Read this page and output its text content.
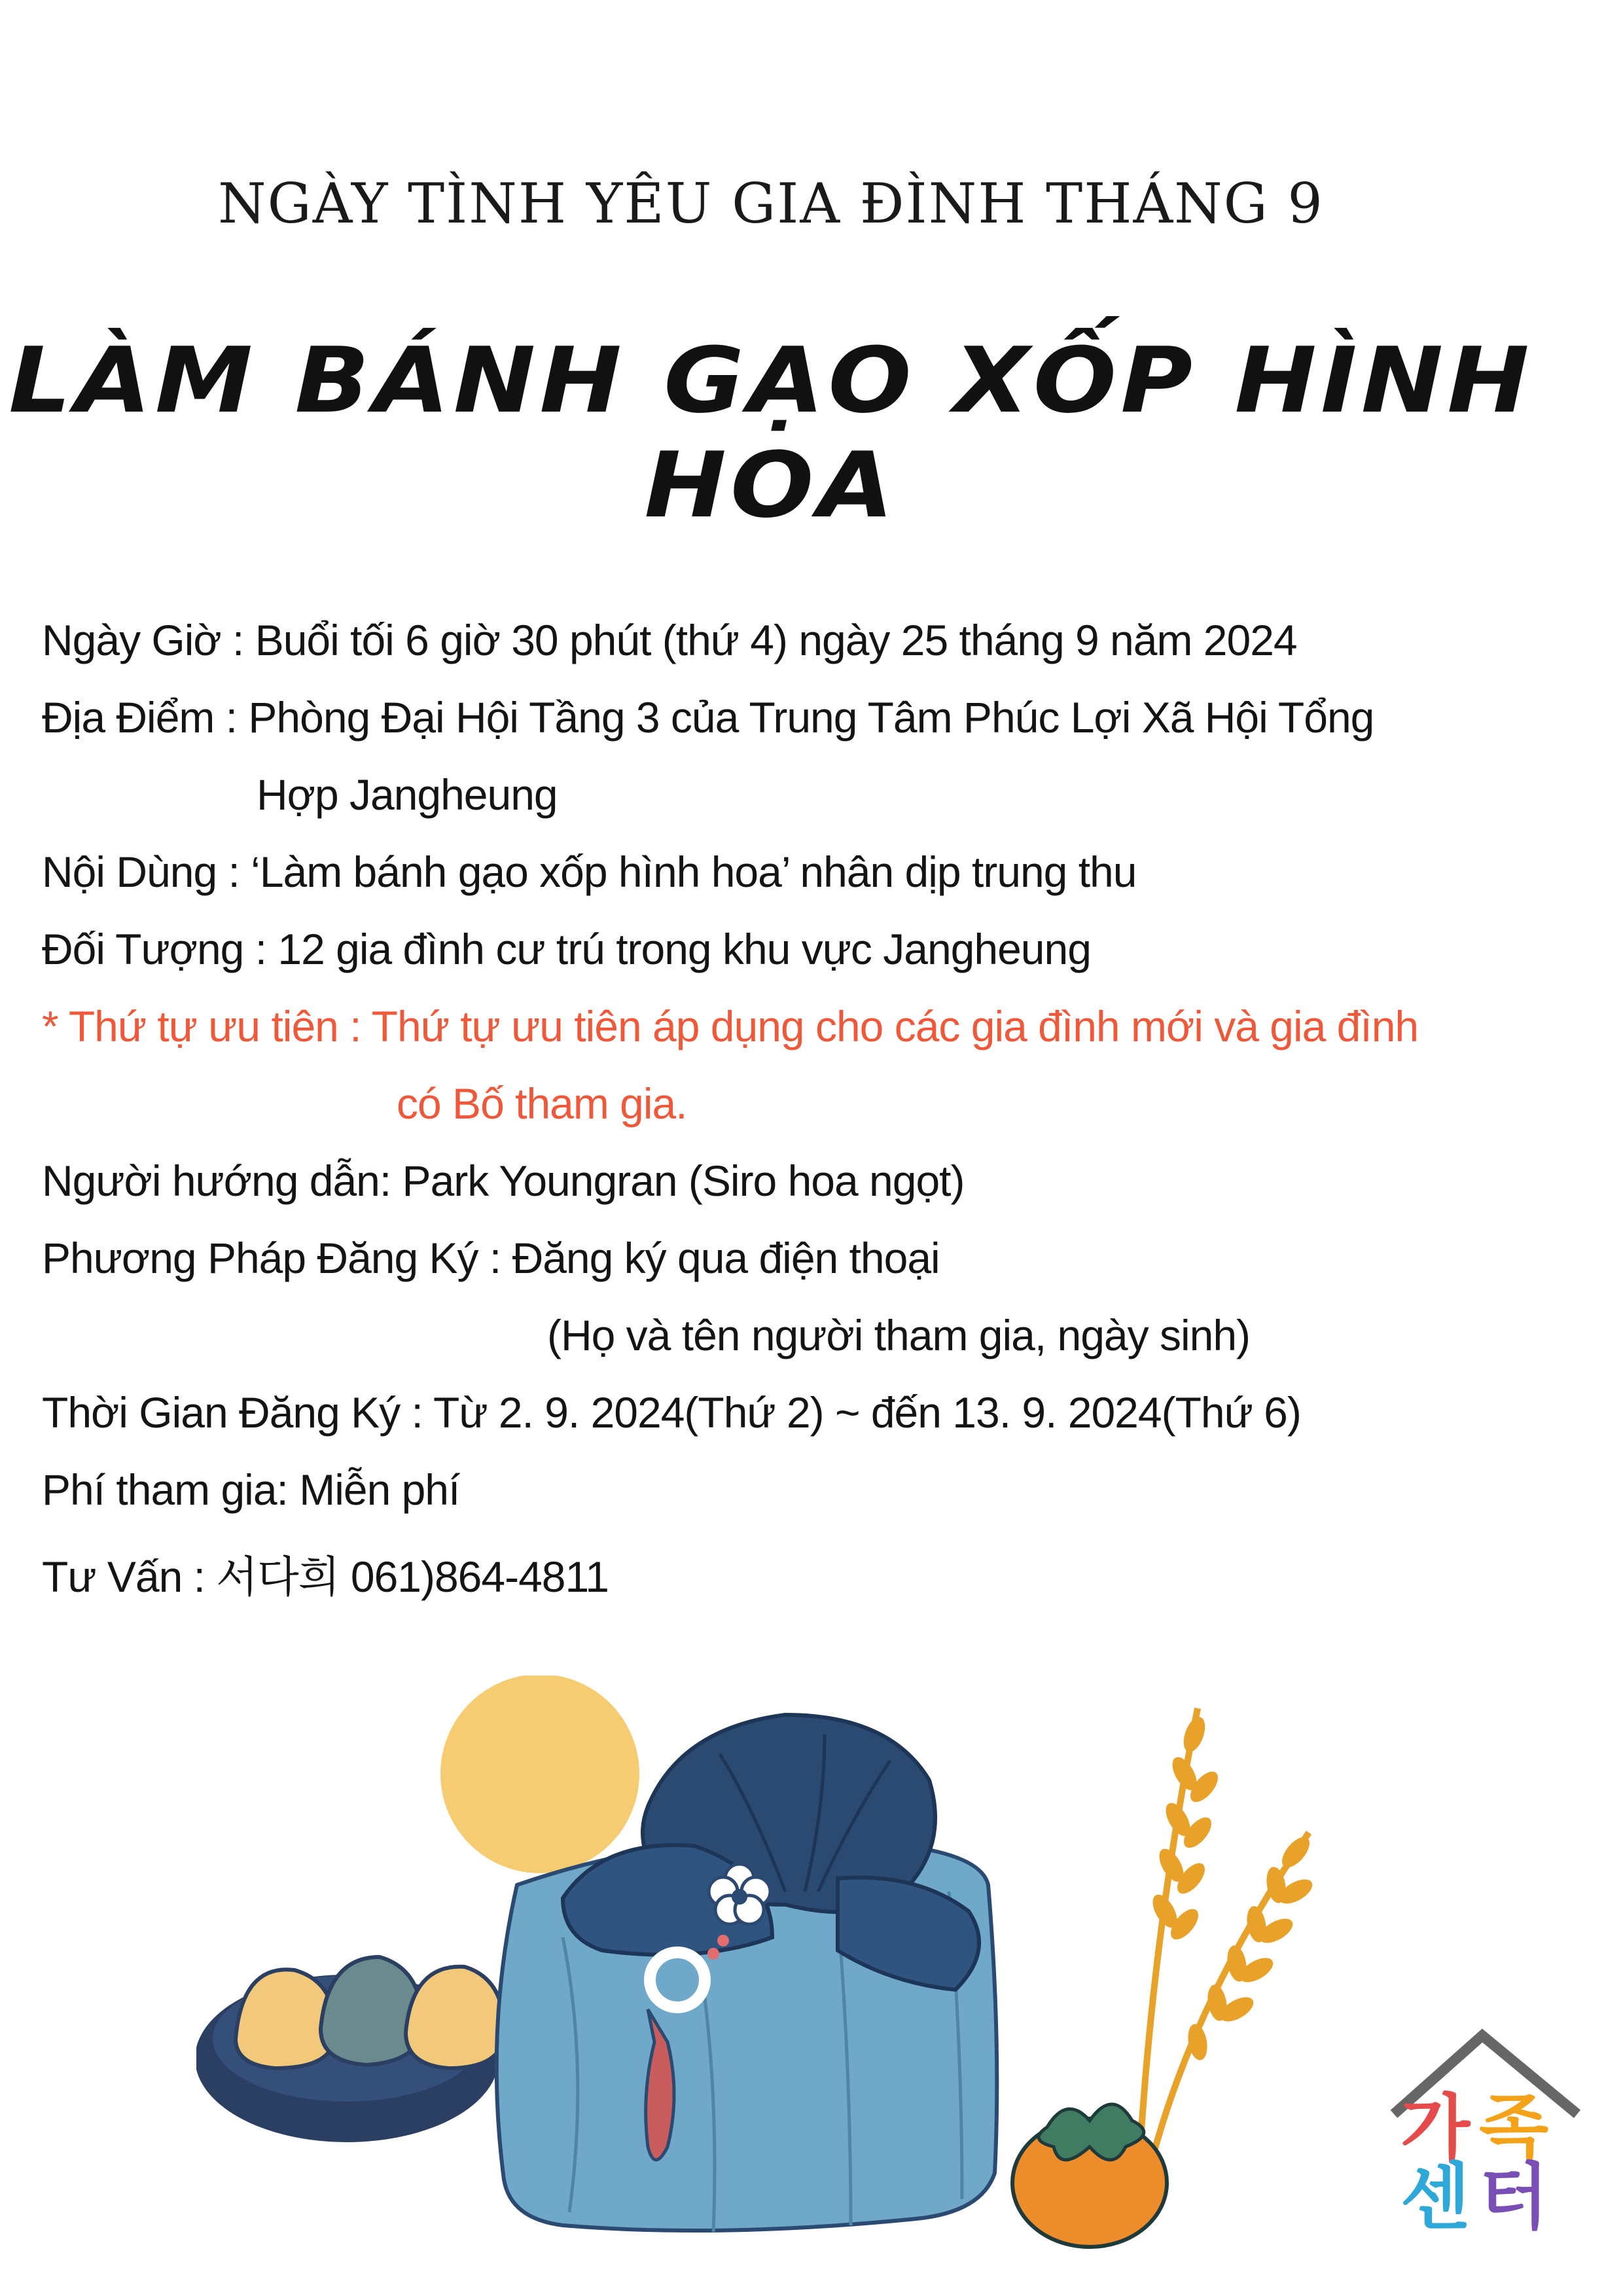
NGÀY TÌNH YÊU GIA ĐÌNH THÁNG 9
LÀM BÁNH GẠO XỐP HÌNH HOA
Ngày Giờ : Buổi tối 6 giờ 30 phút (thứ 4) ngày 25 tháng 9 năm 2024
Địa Điểm : Phòng Đại Hội Tầng 3 của Trung Tâm Phúc Lợi Xã Hội Tổng
Hợp Jangheung
Nội Dùng : ‘Làm bánh gạo xốp hình hoa’ nhân dịp trung thu
Đối Tượng : 12 gia đình cư trú trong khu vực Jangheung
* Thứ tự ưu tiên : Thứ tự ưu tiên áp dụng cho các gia đình mới và gia đình
có Bố tham gia.
Người hướng dẫn: Park Youngran (Siro hoa ngọt)
Phương Pháp Đăng Ký : Đăng ký qua điện thoại
(Họ và tên người tham gia, ngày sinh)
Thời Gian Đăng Ký : Từ 2. 9. 2024(Thứ 2) ~ đến 13. 9. 2024(Thứ 6)
Phí tham gia: Miễn phí
Tư Vấn : 서다희 061)864-4811
가 족
센 터
